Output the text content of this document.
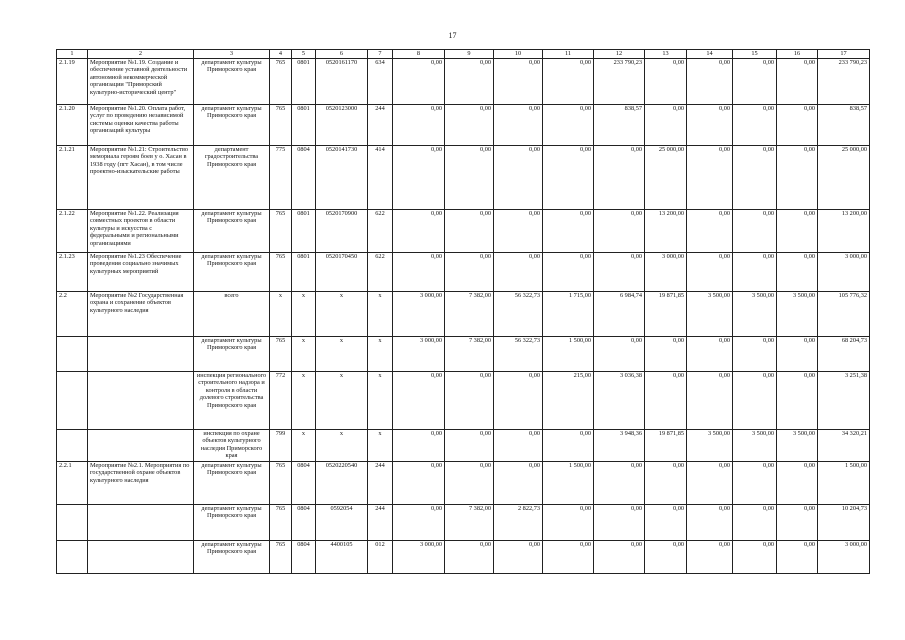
17
1	2	3	4	5	6	7	8	9	10	11	12	13	14	15	16	17
2.1.19	Мероприятие №1.19. Создание и обеспечение уставной деятельности автономной некоммерческой организации "Приморский культурно-исторический центр"	департамент культуры Приморского края	765	0801	0520161170	634	0,00	0,00	0,00	0,00	233 790,23	0,00	0,00	0,00	0,00	233 790,23
2.1.20	Мероприятие №1.20. Оплата работ, услуг по проведению независимой системы оценки качества работы организаций культуры	департамент культуры Приморского края	765	0801	0520123000	244	0,00	0,00	0,00	0,00	838,57	0,00	0,00	0,00	0,00	838,57
2.1.21	Мероприятие №1.21: Строительство мемориала героям боев у о. Хасан в 1938 году (пгт Хасан), в том числе проектно-изыскательские работы	департамент градостроительства Приморского края	775	0804	0520141730	414	0,00	0,00	0,00	0,00	0,00	25 000,00	0,00	0,00	0,00	25 000,00
2.1.22	Мероприятие №1.22. Реализация совместных проектов в области культуры и искусства с федеральными и региональными организациями	департамент культуры Приморского края	765	0801	0520170900	622	0,00	0,00	0,00	0,00	0,00	13 200,00	0,00	0,00	0,00	13 200,00
2.1.23	Мероприятие №1.23 Обеспечение проведения социально значимых культурных мероприятий	департамент культуры Приморского края	765	0801	0520170450	622	0,00	0,00	0,00	0,00	0,00	3 000,00	0,00	0,00	0,00	3 000,00
2.2	Мероприятие №2 Государственная охрана и сохранение объектов культурного наследия	всего	x	x	x	x	3 000,00	7 382,00	56 322,73	1 715,00	6 984,74	19 871,85	3 500,00	3 500,00	3 500,00	105 776,32
		департамент культуры Приморского края	765	x	x	x	3 000,00	7 382,00	56 322,73	1 500,00	0,00	0,00	0,00	0,00	0,00	68 204,73
		инспекция регионального строительного надзора и контроля в области долевого строительства Приморского края	772	x	x	x	0,00	0,00	0,00	215,00	3 036,38	0,00	0,00	0,00	0,00	3 251,38
		инспекция по охране объектов культурного наследия Приморского края	799	x	x	x	0,00	0,00	0,00	0,00	3 948,36	19 871,85	3 500,00	3 500,00	3 500,00	34 320,21
2.2.1	Мероприятие №2.1. Мероприятия по государственной охране объектов культурного наследия	департамент культуры Приморского края	765	0804	0520220540	244	0,00	0,00	0,00	1 500,00	0,00	0,00	0,00	0,00	0,00	1 500,00
		департамент культуры Приморского края	765	0804	0592054	244	0,00	7 382,00	2 822,73	0,00	0,00	0,00	0,00	0,00	0,00	10 204,73
		департамент культуры Приморского края	765	0804	4400105	012	3 000,00	0,00	0,00	0,00	0,00	0,00	0,00	0,00	0,00	3 000,00
